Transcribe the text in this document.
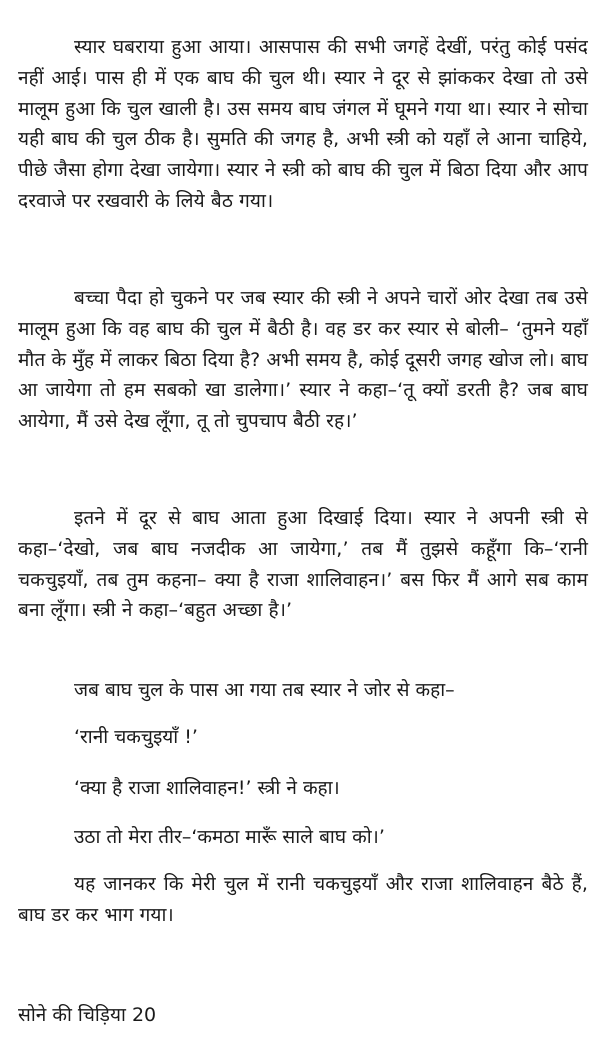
स्यार घबराया हुआ आया। आसपास की सभी जगहें देखीं, परंतु कोई पसंद नहीं आई। पास ही में एक बाघ की चुल थी। स्यार ने दूर से झांककर देखा तो उसे मालूम हुआ कि चुल खाली है। उस समय बाघ जंगल में घूमने गया था। स्यार ने सोचा यही बाघ की चुल ठीक है। सुमति की जगह है, अभी स्त्री को यहाँ ले आना चाहिये, पीछे जैसा होगा देखा जायेगा। स्यार ने स्त्री को बाघ की चुल में बिठा दिया और आप दरवाजे पर रखवारी के लिये बैठ गया।

बच्चा पैदा हो चुकने पर जब स्यार की स्त्री ने अपने चारों ओर देखा तब उसे मालूम हुआ कि वह बाघ की चुल में बैठी है। वह डर कर स्यार से बोली– ‘तुमने यहाँ मौत के मुँह में लाकर बिठा दिया है? अभी समय है, कोई दूसरी जगह खोज लो। बाघ आ जायेगा तो हम सबको खा डालेगा।’ स्यार ने कहा–‘तू क्यों डरती है? जब बाघ आयेगा, मैं उसे देख लूँगा, तू तो चुपचाप बैठी रह।’

इतने में दूर से बाघ आता हुआ दिखाई दिया। स्यार ने अपनी स्त्री से कहा–‘देखो, जब बाघ नजदीक आ जायेगा,’ तब मैं तुझसे कहूँगा कि–‘रानी चकचुइयाँ, तब तुम कहना– क्या है राजा शालिवाहन।’ बस फिर मैं आगे सब काम बना लूँगा। स्त्री ने कहा–‘बहुत अच्छा है।’

जब बाघ चुल के पास आ गया तब स्यार ने जोर से कहा–

‘रानी चकचुइयाँ !’

‘क्या है राजा शालिवाहन!’ स्त्री ने कहा।

उठा तो मेरा तीर–‘कमठा मारूँ साले बाघ को।’

यह जानकर कि मेरी चुल में रानी चकचुइयाँ और राजा शालिवाहन बैठे हैं, बाघ डर कर भाग गया।

सोने की चिड़िया 20
